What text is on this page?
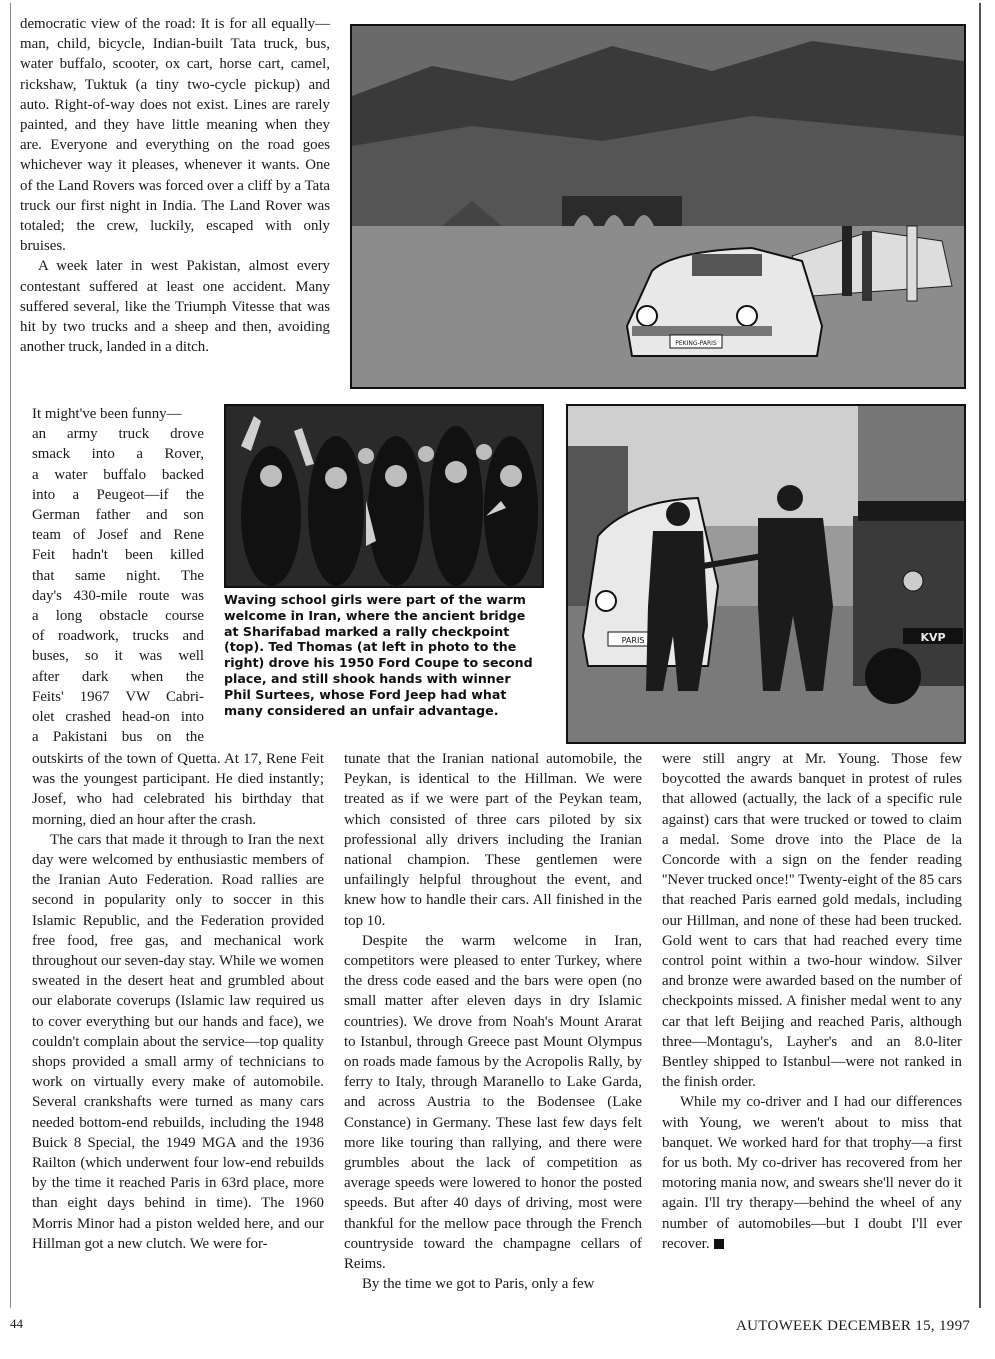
democratic view of the road: It is for all equally—man, child, bicycle, Indian-built Tata truck, bus, water buffalo, scooter, ox cart, horse cart, camel, rickshaw, Tuktuk (a tiny two-cycle pickup) and auto. Right-of-way does not exist. Lines are rarely painted, and they have little meaning when they are. Everyone and everything on the road goes whichever way it pleases, whenever it wants. One of the Land Rovers was forced over a cliff by a Tata truck our first night in India. The Land Rover was totaled; the crew, luckily, escaped with only bruises.

A week later in west Pakistan, almost every contestant suffered at least one accident. Many suffered several, like the Triumph Vitesse that was hit by two trucks and a sheep and then, avoiding another truck, landed in a ditch.

It might've been funny—
an army truck drove
smack into a Rover,
a water buffalo backed
into a Peugeot—if the
German father and son
team of Josef and Rene
Feit hadn't been killed
that same night. The
day's 430-mile route was
a long obstacle course
of roadwork, trucks and
buses, so it was well
after dark when the
Feits' 1967 VW Cabri-
olet crashed head-on into
a Pakistani bus on the

outskirts of the town of Quetta. At 17, Rene Feit was the youngest participant. He died instantly; Josef, who had celebrated his birthday that morning, died an hour after the crash.

The cars that made it through to Iran the next day were welcomed by enthusiastic members of the Iranian Auto Federation. Road rallies are second in popularity only to soccer in this Islamic Republic, and the Federation provided free food, free gas, and mechanical work throughout our seven-day stay. While we women sweated in the desert heat and grumbled about our elaborate coverups (Islamic law required us to cover everything but our hands and face), we couldn't complain about the service—top quality shops provided a small army of technicians to work on virtually every make of automobile. Several crankshafts were turned as many cars needed bottom-end rebuilds, including the 1948 Buick 8 Special, the 1949 MGA and the 1936 Railton (which underwent four low-end rebuilds by the time it reached Paris in 63rd place, more than eight days behind in time). The 1960 Morris Minor had a piston welded here, and our Hillman got a new clutch. We were for-

tunate that the Iranian national automobile, the Peykan, is identical to the Hillman. We were treated as if we were part of the Peykan team, which consisted of three cars piloted by six professional ally drivers including the Iranian national champion. These gentlemen were unfailingly helpful throughout the event, and knew how to handle their cars. All finished in the top 10.

Despite the warm welcome in Iran, competitors were pleased to enter Turkey, where the dress code eased and the bars were open (no small matter after eleven days in dry Islamic countries). We drove from Noah's Mount Ararat to Istanbul, through Greece past Mount Olympus on roads made famous by the Acropolis Rally, by ferry to Italy, through Maranello to Lake Garda, and across Austria to the Bodensee (Lake Constance) in Germany. These last few days felt more like touring than rallying, and there were grumbles about the lack of competition as average speeds were lowered to honor the posted speeds. But after 40 days of driving, most were thankful for the mellow pace through the French countryside toward the champagne cellars of Reims.

By the time we got to Paris, only a few

were still angry at Mr. Young. Those few boycotted the awards banquet in protest of rules that allowed (actually, the lack of a specific rule against) cars that were trucked or towed to claim a medal. Some drove into the Place de la Concorde with a sign on the fender reading ''Never trucked once!'' Twenty-eight of the 85 cars that reached Paris earned gold medals, including our Hillman, and none of these had been trucked. Gold went to cars that had reached every time control point within a two-hour window. Silver and bronze were awarded based on the number of checkpoints missed. A finisher medal went to any car that left Beijing and reached Paris, although three—Montagu's, Layher's and an 8.0-liter Bentley shipped to Istanbul—were not ranked in the finish order.

While my co-driver and I had our differences with Young, we weren't about to miss that banquet. We worked hard for that trophy—a first for us both. My co-driver has recovered from her motoring mania now, and swears she'll never do it again. I'll try therapy—behind the wheel of any number of automobiles—but I doubt I'll ever recover.

PEKING-PARIS
PARIS	KVP
Waving school girls were part of the warm welcome in Iran, where the ancient bridge at Sharifabad marked a rally checkpoint (top). Ted Thomas (at left in photo to the right) drove his 1950 Ford Coupe to second place, and still shook hands with winner Phil Surtees, whose Ford Jeep had what many considered an unfair advantage.
44	AUTOWEEK DECEMBER 15, 1997
